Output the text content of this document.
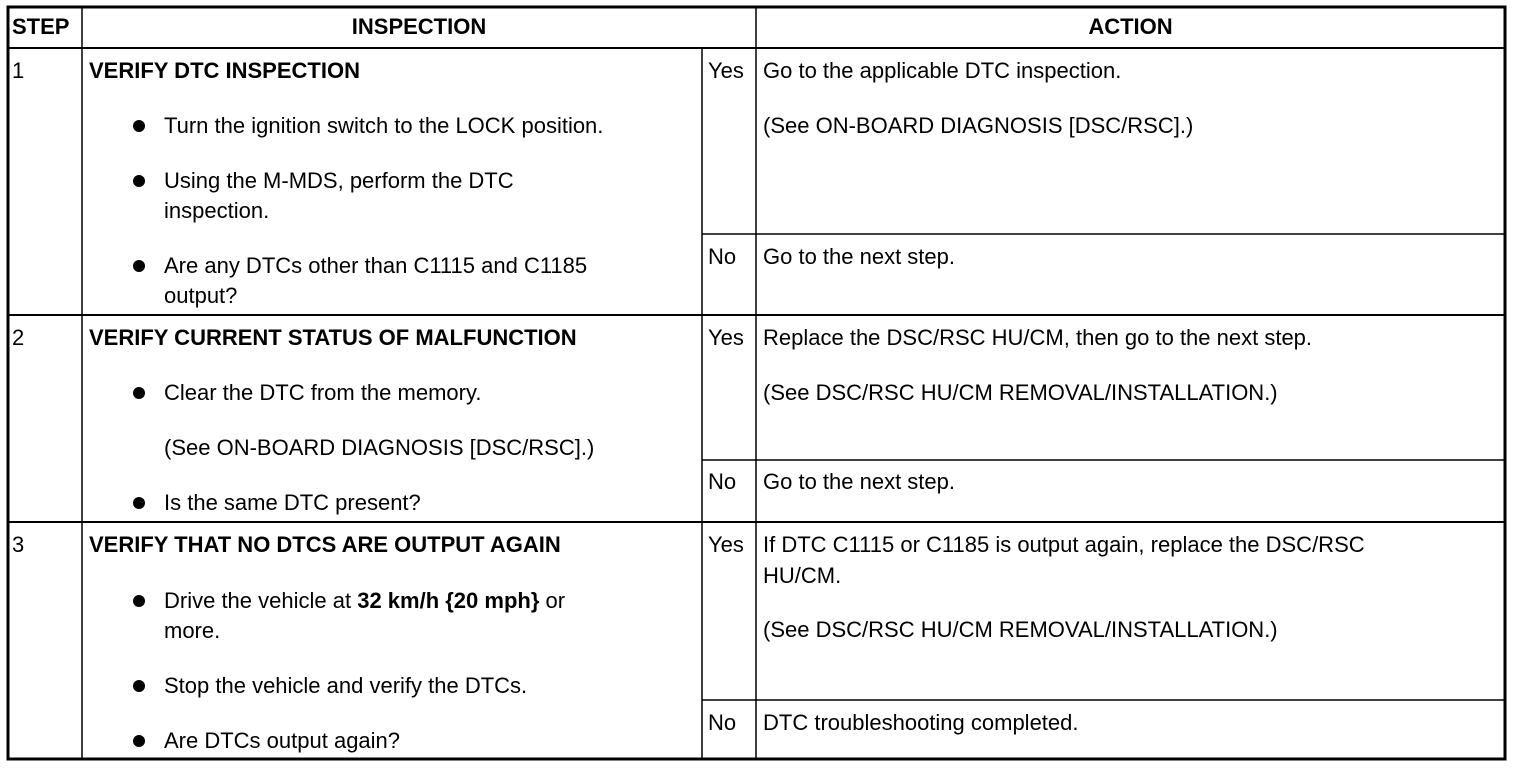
STEP	INSPECTION	ACTION
1	VERIFY DTC INSPECTION
Turn the ignition switch to the LOCK position.
Using the M-MDS, perform the DTC
inspection.
Are any DTCs other than C1115 and C1185
output?
Yes Go to the applicable DTC inspection.
(See ON-BOARD DIAGNOSIS [DSC/RSC].)
No Go to the next step.
2	VERIFY CURRENT STATUS OF MALFUNCTION
Clear the DTC from the memory.
(See ON-BOARD DIAGNOSIS [DSC/RSC].)
Is the same DTC present?
Yes Replace the DSC/RSC HU/CM, then go to the next step.
(See DSC/RSC HU/CM REMOVAL/INSTALLATION.)
No Go to the next step.
3	VERIFY THAT NO DTCS ARE OUTPUT AGAIN
Drive the vehicle at 32 km/h {20 mph} or
more.
Stop the vehicle and verify the DTCs.
Are DTCs output again?
Yes If DTC C1115 or C1185 is output again, replace the DSC/RSC
HU/CM.
(See DSC/RSC HU/CM REMOVAL/INSTALLATION.)
No DTC troubleshooting completed.
